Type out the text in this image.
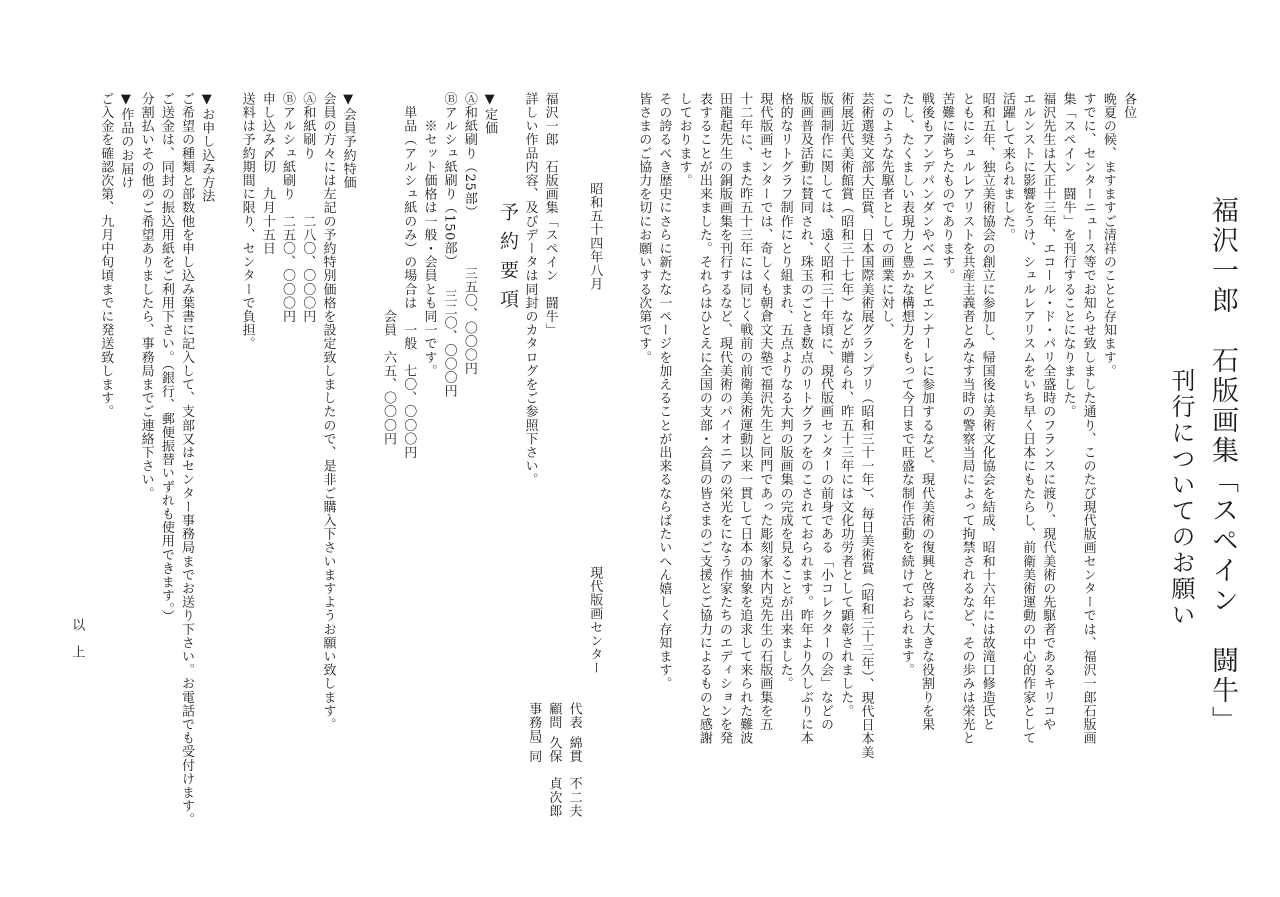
福沢一郎　石版画集「スペイン　闘牛」
刊行についてのお願い
各位
晩夏の候、ますますご清祥のことと存知ます。
すでに、センターニュース等でお知らせ致しました通り、このたび現代版画センターでは、福沢一郎石版画
集「スペイン　闘牛」を刊行することになりました。
福沢先生は大正十三年、エコール・ド・パリ全盛時のフランスに渡り、現代美術の先駆者であるキリコや
エルンストに影響をうけ、シュルレアリスムをいち早く日本にもたらし、前衛美術運動の中心的作家として
活躍して来られました。
昭和五年、独立美術協会の創立に参加し、帰国後は美術文化協会を結成、昭和十六年には故滝口修造氏と
ともにシュルレアリストを共産主義者とみなす当時の警察当局によって拘禁されるなど、その歩みは栄光と
苦難に満ちたものであります。
戦後もアンデパンダンやベニスビエンナーレに参加するなど、現代美術の復興と啓蒙に大きな役割りを果
たし、たくましい表現力と豊かな構想力をもって今日まで旺盛な制作活動を続けておられます。
このような先駆者としての画業に対し、
芸術選奨文部大臣賞、日本国際美術展グランプリ（昭和三十一年）、毎日美術賞（昭和三十三年）、現代日本美
術展近代美術館賞（昭和三十七年）などが贈られ、昨五十三年には文化功労者として顕彰されました。
版画制作に関しては、遠く昭和三十年頃に、現代版画センターの前身である「小コレクターの会」などの
版画普及活動に賛同され、珠玉のごとき数点のリトグラフをのこされておられます。昨年より久しぶりに本
格的なリトグラフ制作にとり組まれ、五点よりなる大判の版画集の完成を見ることが出来ました。
現代版画センターでは、奇しくも朝倉文夫塾で福沢先生と同門であった彫刻家木内克先生の石版画集を五
十二年に、また昨五十三年には同じく戦前の前衛美術運動以来一貫して日本の抽象を追求して来られた難波
田龍起先生の銅版画集を刊行するなど、現代美術のパイオニアの栄光をになう作家たちのエディションを発
表することが出来ました。それらはひとえに全国の支部・会員の皆さまのご支援とご協力によるものと感謝
しております。
その誇るべき歴史にさらに新たな一ページを加えることが出来るならばたいへん嬉しく存知ます。
皆さまのご協力を切にお願いする次第です。
昭和五十四年八月
現代版画センター
代表
顧問
事務局
綿貫　不二夫
久保　貞次郎
一同
予約要項
福沢一郎　石版画集「スペイン　闘牛」
詳しい作品内容、及びデータは同封のカタログをご参照下さい。

▼定価
Ⓐ和紙刷り（25部）　　　　三五〇、〇〇〇円
Ⓑアルシュ紙刷り（150部）　　三二〇、〇〇〇円
　　※セット価格は一般・会員とも同一です。
　単品（アルシュ紙のみ）の場合は　一般　七〇、〇〇〇円
　　　　　　　　　　　　　　　　会員　六五、〇〇〇円

▼会員予約特価
会員の方々には左記の予約特別価格を設定致しましたので、是非ご購入下さいますようお願い致します。
Ⓐ和紙刷り　　　　二八〇、〇〇〇円
Ⓑアルシュ紙刷り　二五〇、〇〇〇円
申し込み〆切　九月十五日
送料は予約期間に限り、センターで負担。

▼お申し込み方法
ご希望の種類と部数他を申し込み葉書に記入して、支部又はセンター事務局までお送り下さい。お電話でも受付けます。
ご送金は、同封の振込用紙をご利用下さい。（銀行、郵便振替いずれも使用できます。）
分割払いその他のご希望ありましたら、事務局までご連絡下さい。
▼作品のお届け
ご入金を確認次第、九月中旬頃までに発送致します。
以上
